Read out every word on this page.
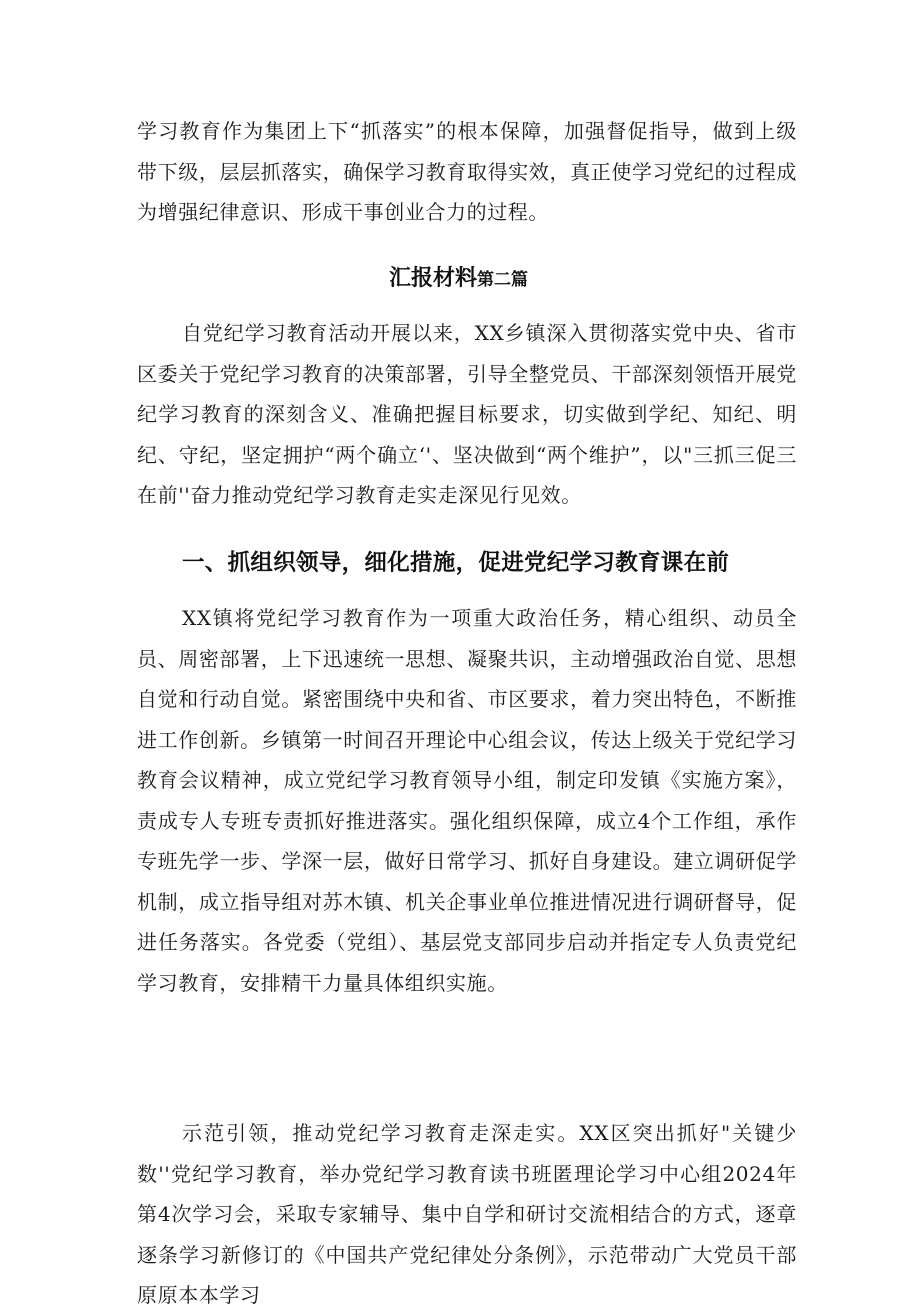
学习教育作为集团上下“抓落实”的根本保障，加强督促指导，做到上级带下级，层层抓落实，确保学习教育取得实效，真正使学习党纪的过程成为增强纪律意识、形成干事创业合力的过程。

汇报材料第二篇

自党纪学习教育活动开展以来，XX乡镇深入贯彻落实党中央、省市区委关于党纪学习教育的决策部署，引导全整党员、干部深刻领悟开展党纪学习教育的深刻含义、准确把握目标要求，切实做到学纪、知纪、明纪、守纪，坚定拥护“两个确立‘'、坚决做到“两个维护”，以"三抓三促三在前''奋力推动党纪学习教育走实走深见行见效。

一、抓组织领导，细化措施，促进党纪学习教育课在前

XX镇将党纪学习教育作为一项重大政治任务，精心组织、动员全员、周密部署，上下迅速统一思想、凝聚共识，主动增强政治自觉、思想自觉和行动自觉。紧密围绕中央和省、市区要求，着力突出特色，不断推进工作创新。乡镇第一时间召开理论中心组会议，传达上级关于党纪学习教育会议精神，成立党纪学习教育领导小组，制定印发镇《实施方案》，责成专人专班专责抓好推进落实。强化组织保障，成立4个工作组，承作专班先学一步、学深一层，做好日常学习、抓好自身建设。建立调研促学机制，成立指导组对苏木镇、机关企事业单位推进情况进行调研督导，促进任务落实。各党委（党组）、基层党支部同步启动并指定专人负责党纪学习教育，安排精干力量具体组织实施。

示范引领，推动党纪学习教育走深走实。XX区突出抓好"关键少数''党纪学习教育，举办党纪学习教育读书班匿理论学习中心组2024年第4次学习会，采取专家辅导、集中自学和研讨交流相结合的方式，逐章逐条学习新修订的《中国共产党纪律处分条例》，示范带动广大党员干部原原本本学习
